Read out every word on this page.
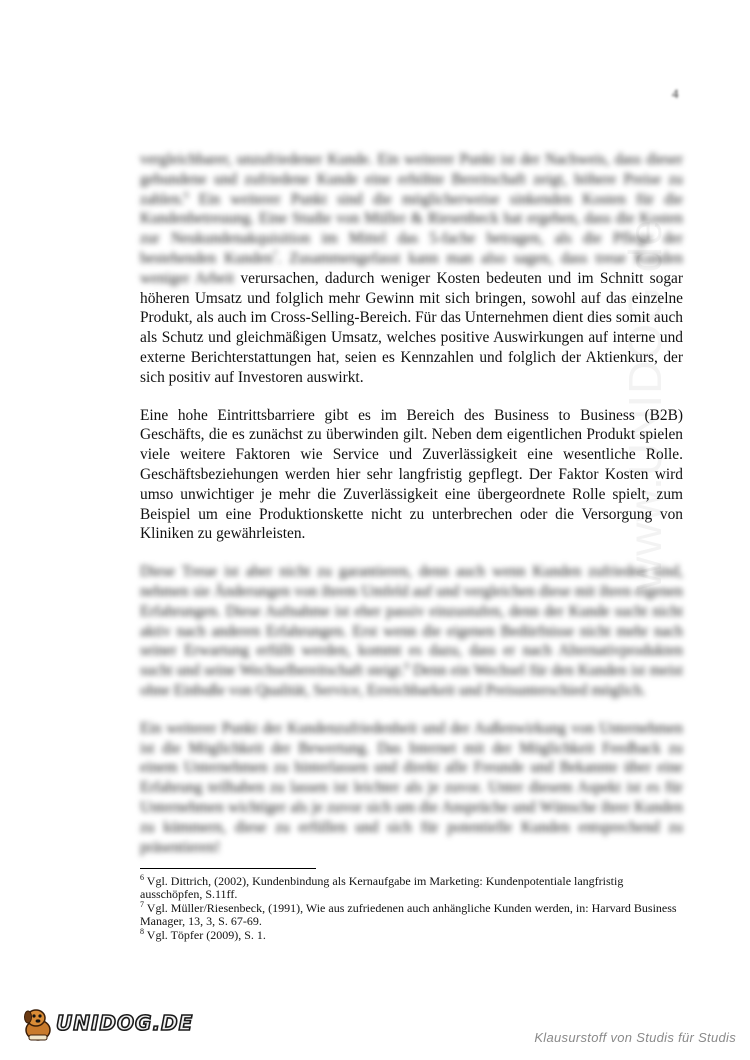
4
www.UNIDOG.de

vergleichbarer, unzufriedener Kunde. Ein weiterer Punkt ist der Nachweis, dass dieser gebundene und zufriedene Kunde eine erhöhte Bereitschaft zeigt, höhere Preise zu zahlen.$^6$ Ein weiterer Punkt sind die möglicherweise sinkenden Kosten für die Kundenbetreuung. Eine Studie von Müller & Riesenbeck hat ergeben, dass die Kosten zur Neukundenakquisition im Mittel das 5-fache betragen, als die Pflege der bestehenden Kunden$^7$. Zusammengefasst kann man also sagen, dass treue Kunden weniger Arbeit verursachen, dadurch weniger Kosten bedeuten und im Schnitt sogar höheren Umsatz und folglich mehr Gewinn mit sich bringen, sowohl auf das einzelne Produkt, als auch im Cross-Selling-Bereich. Für das Unternehmen dient dies somit auch als Schutz und gleichmäßigen Umsatz, welches positive Auswirkungen auf interne und externe Berichterstattungen hat, seien es Kennzahlen und folglich der Aktienkurs, der sich positiv auf Investoren auswirkt.

Eine hohe Eintrittsbarriere gibt es im Bereich des Business to Business (B2B) Geschäfts, die es zunächst zu überwinden gilt. Neben dem eigentlichen Produkt spielen viele weitere Faktoren wie Service und Zuverlässigkeit eine wesentliche Rolle. Geschäftsbeziehungen werden hier sehr langfristig gepflegt. Der Faktor Kosten wird umso unwichtiger je mehr die Zuverlässigkeit eine übergeordnete Rolle spielt, zum Beispiel um eine Produktionskette nicht zu unterbrechen oder die Versorgung von Kliniken zu gewährleisten.

Diese Treue ist aber nicht zu garantieren, denn auch wenn Kunden zufrieden sind, nehmen sie Änderungen von ihrem Umfeld auf und vergleichen diese mit ihren eigenen Erfahrungen. Diese Aufnahme ist eher passiv einzustufen, denn der Kunde sucht nicht aktiv nach anderen Erfahrungen. Erst wenn die eigenen Bedürfnisse nicht mehr nach seiner Erwartung erfüllt werden, kommt es dazu, dass er nach Alternativprodukten sucht und seine Wechselbereitschaft steigt.$^8$ Denn ein Wechsel für den Kunden ist meist ohne Einbuße von Qualität, Service, Erreichbarkeit und Preisunterschied möglich.

Ein weiterer Punkt der Kundenzufriedenheit und der Außenwirkung von Unternehmen ist die Möglichkeit der Bewertung. Das Internet mit der Möglichkeit Feedback zu einem Unternehmen zu hinterlassen und direkt alle Freunde und Bekannte über eine Erfahrung teilhaben zu lassen ist leichter als je zuvor. Unter diesem Aspekt ist es für Unternehmen wichtiger als je zuvor sich um die Ansprüche und Wünsche ihrer Kunden zu kümmern, diese zu erfüllen und sich für potentielle Kunden entsprechend zu präsentieren!

$^6$ Vgl. Dittrich, (2002), Kundenbindung als Kernaufgabe im Marketing: Kundenpotentiale langfristig ausschöpfen, S.11ff.

$^7$ Vgl. Müller/Riesenbeck, (1991), Wie aus zufriedenen auch anhängliche Kunden werden, in: Harvard Business Manager, 13, 3, S. 67-69.

$^8$ Vgl. Töpfer (2009), S. 1.

UNIDOG.DE
Klausurstoff von Studis für Studis
